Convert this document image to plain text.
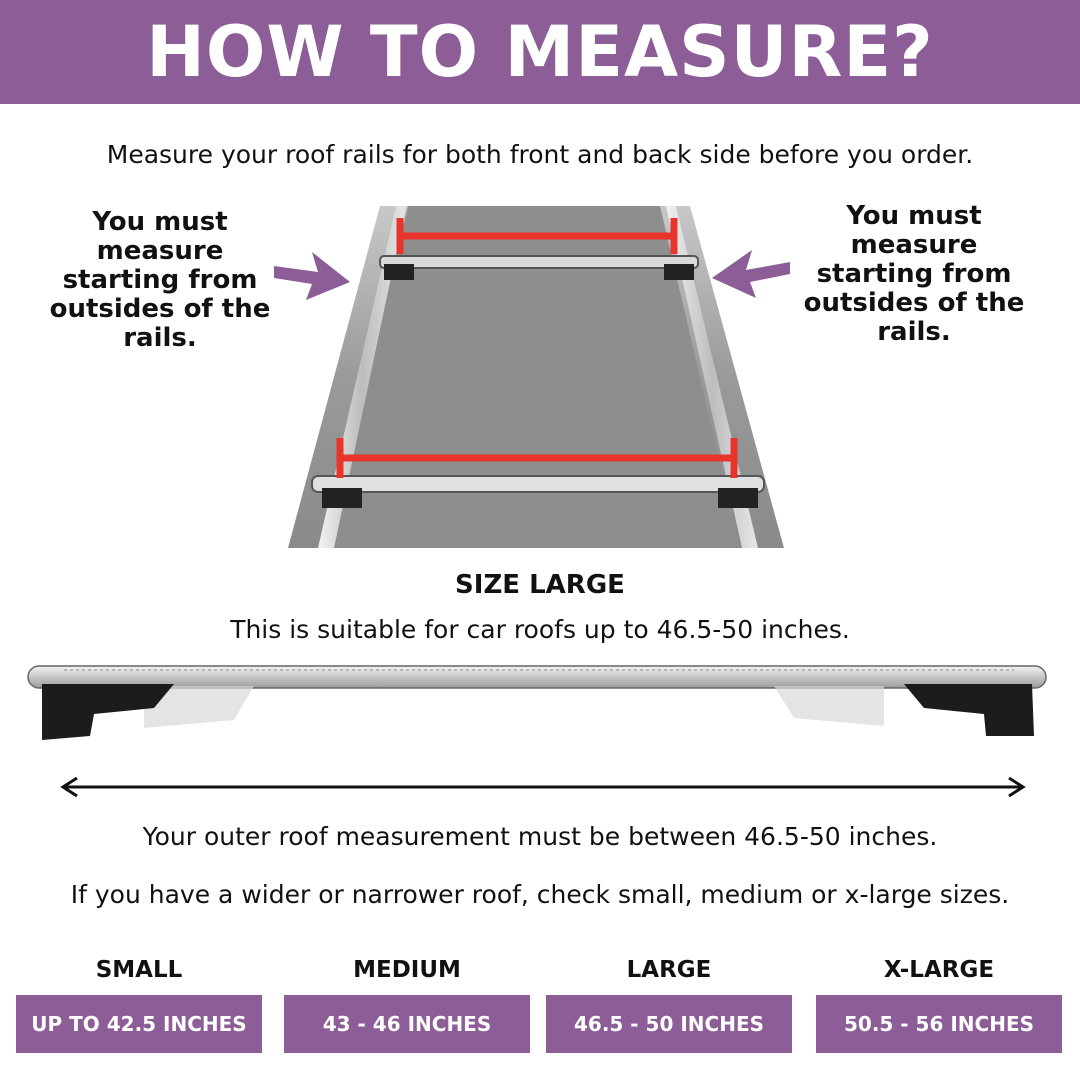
HOW TO MEASURE?
Measure your roof rails for both front and back side before you order.
You must measure starting from outsides of the rails.
You must measure starting from outsides of the rails.
SIZE LARGE
This is suitable for car roofs up to 46.5-50 inches.
Your outer roof measurement must be between 46.5-50 inches.
If you have a wider or narrower roof, check small, medium or x-large sizes.
SMALL
UP TO 42.5 INCHES
MEDIUM
43 - 46 INCHES
LARGE
46.5 - 50 INCHES
X-LARGE
50.5 - 56 INCHES
